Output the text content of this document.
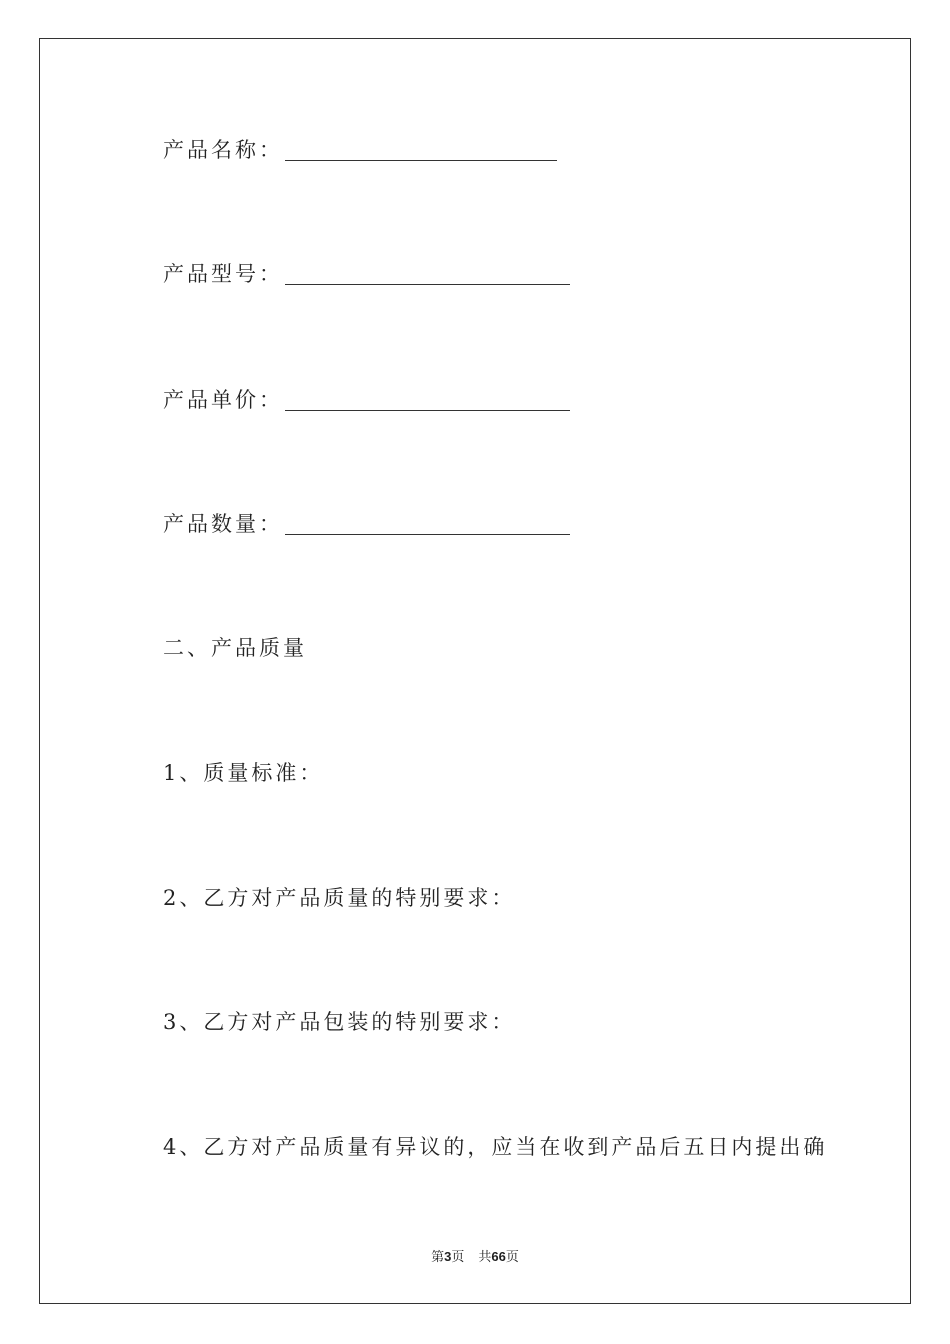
产品名称：
产品型号：
产品单价：
产品数量：
二、产品质量
1、质量标准：
2、乙方对产品质量的特别要求：
3、乙方对产品包装的特别要求：
4、乙方对产品质量有异议的，应当在收到产品后五日内提出确
第3页 共66页
